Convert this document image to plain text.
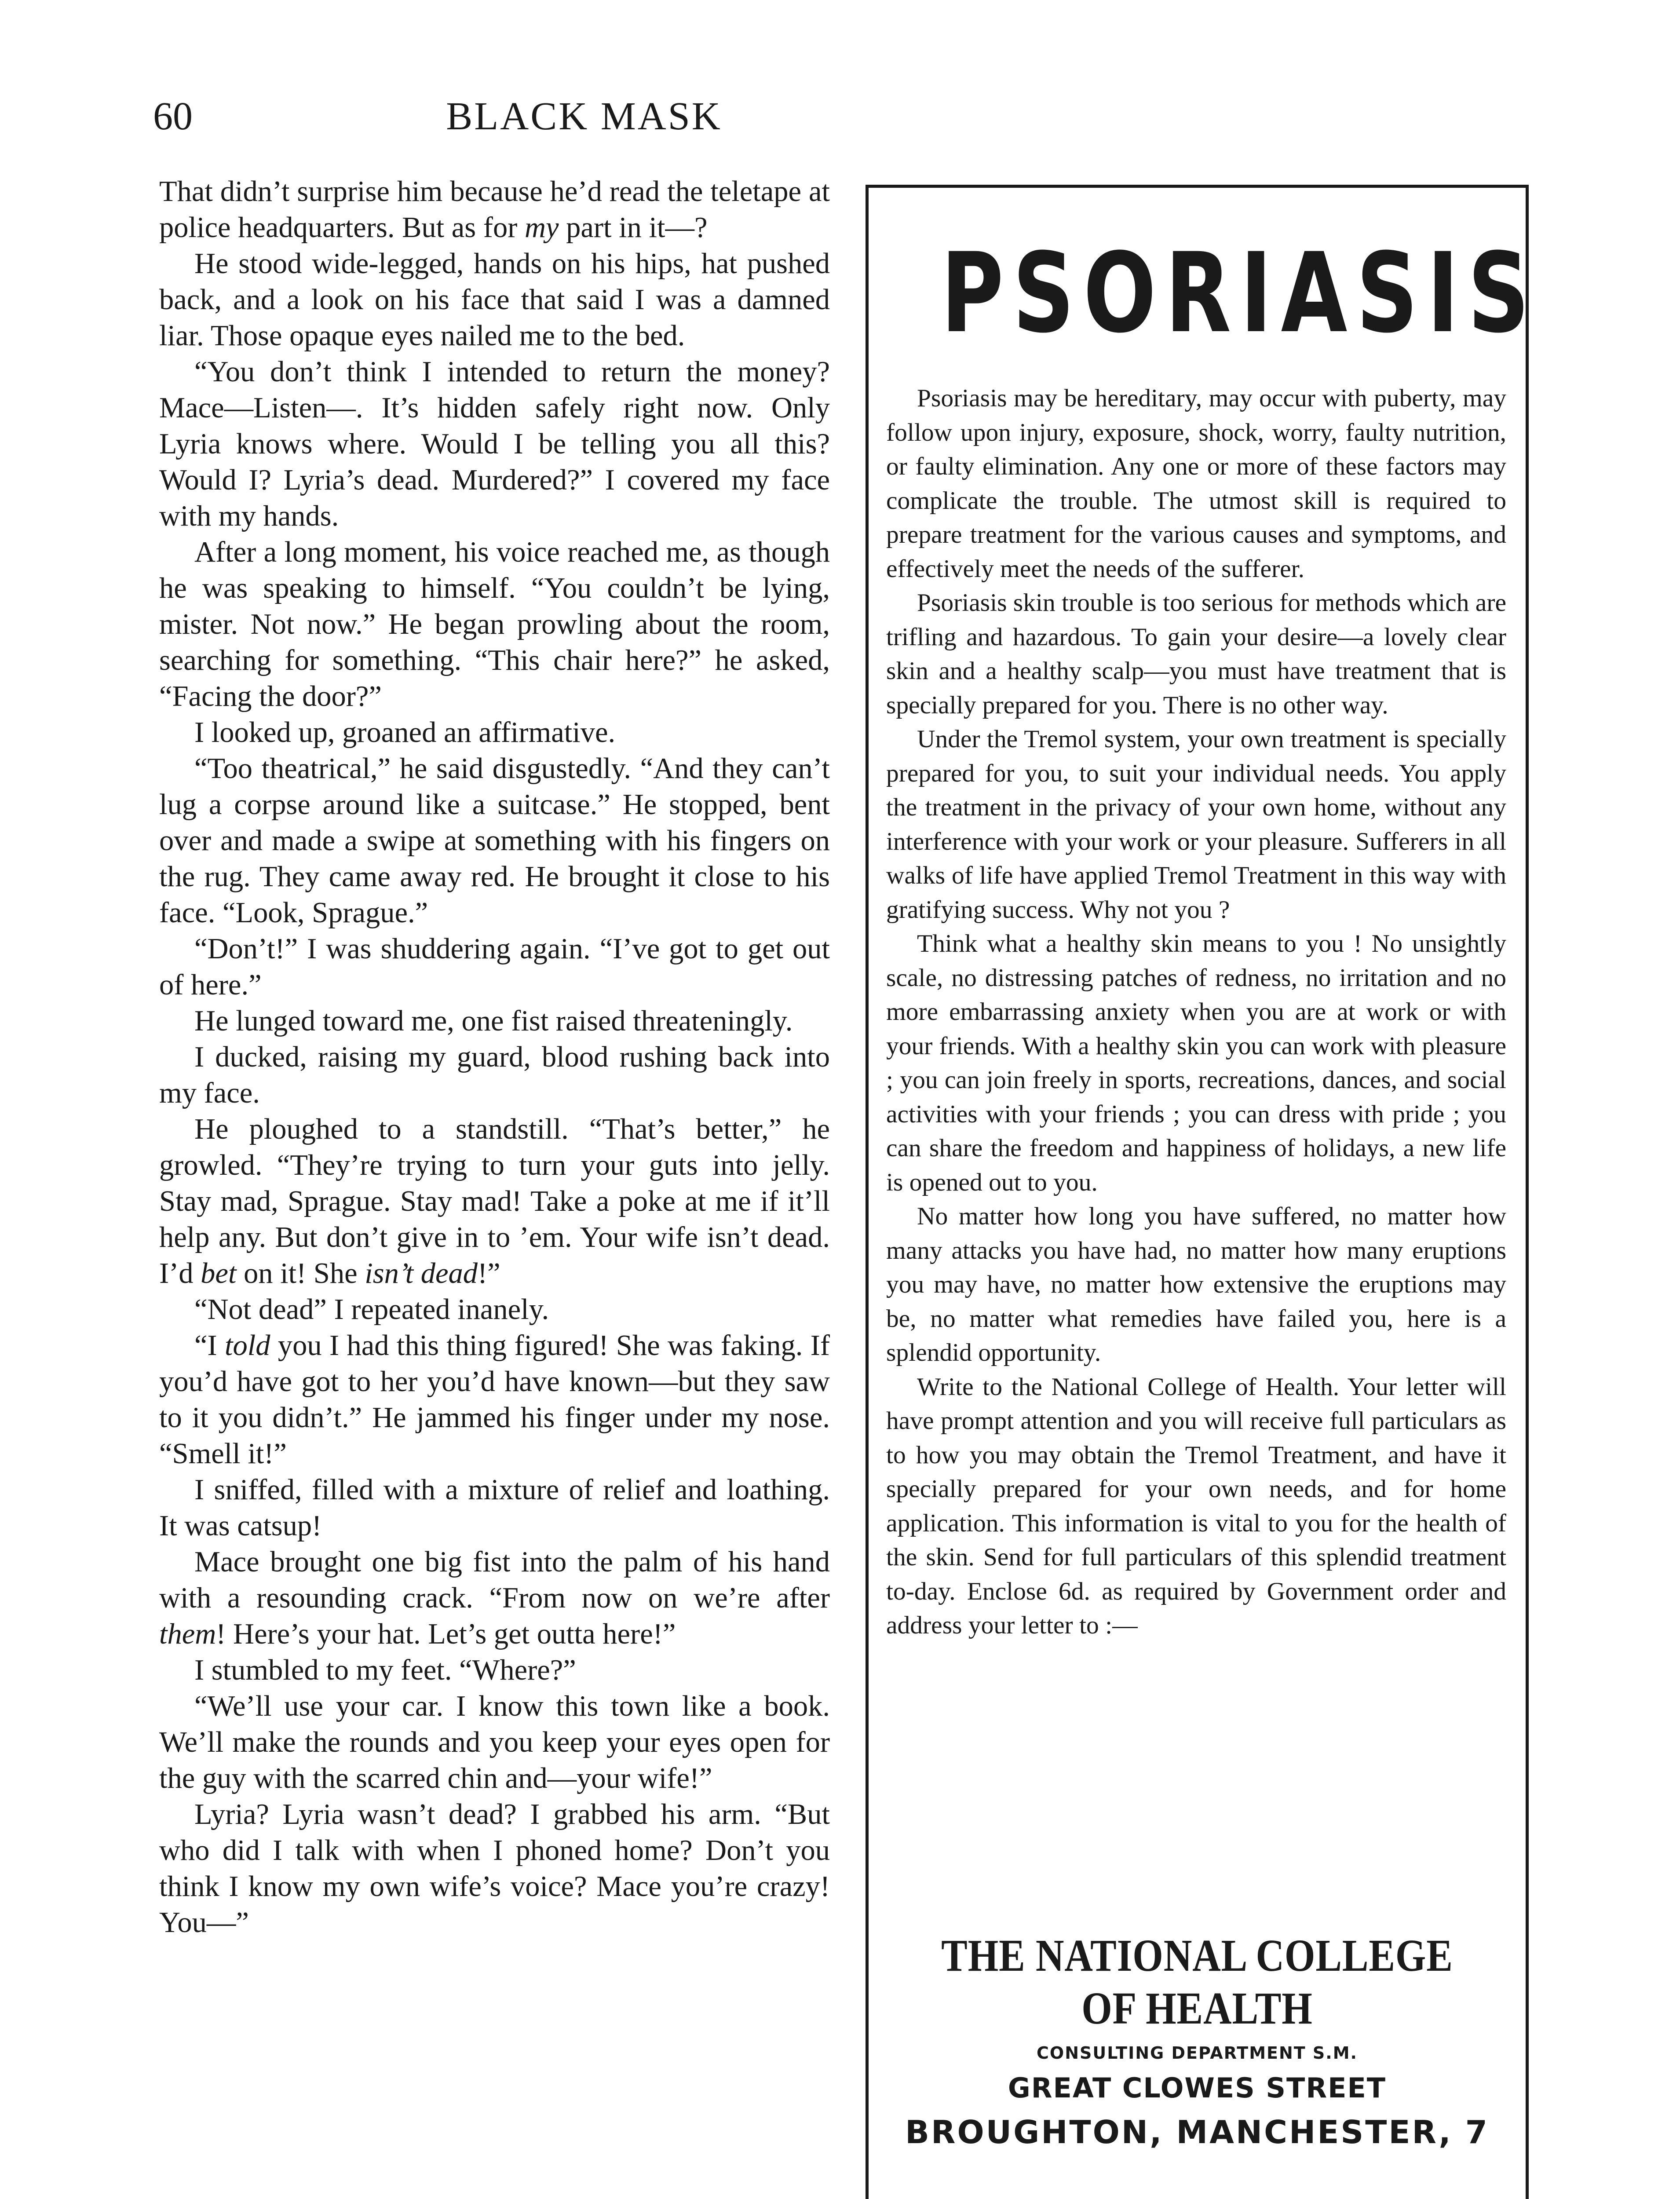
60	BLACK MASK

That didn’t surprise him because he’d read the teletape at police headquarters. But as for my part in it—?

He stood wide-legged, hands on his hips, hat pushed back, and a look on his face that said I was a damned liar. Those opaque eyes nailed me to the bed.

“You don’t think I intended to return the money? Mace—Listen—. It’s hidden safely right now. Only Lyria knows where. Would I be telling you all this? Would I? Lyria’s dead. Murdered?” I covered my face with my hands.

After a long moment, his voice reached me, as though he was speaking to himself. “You couldn’t be lying, mister. Not now.” He began prowling about the room, searching for something. “This chair here?” he asked, “Facing the door?”

I looked up, groaned an affirmative.

“Too theatrical,” he said disgustedly. “And they can’t lug a corpse around like a suitcase.” He stopped, bent over and made a swipe at something with his fingers on the rug. They came away red. He brought it close to his face. “Look, Sprague.”

“Don’t!” I was shuddering again. “I’ve got to get out of here.”

He lunged toward me, one fist raised threateningly.

I ducked, raising my guard, blood rushing back into my face.

He ploughed to a standstill. “That’s better,” he growled. “They’re trying to turn your guts into jelly. Stay mad, Sprague. Stay mad! Take a poke at me if it’ll help any. But don’t give in to ’em. Your wife isn’t dead. I’d bet on it! She isn’t dead!”

“Not dead” I repeated inanely.

“I told you I had this thing figured! She was faking. If you’d have got to her you’d have known—but they saw to it you didn’t.” He jammed his finger under my nose. “Smell it!”

I sniffed, filled with a mixture of relief and loathing. It was catsup!

Mace brought one big fist into the palm of his hand with a resounding crack. “From now on we’re after them! Here’s your hat. Let’s get outta here!”

I stumbled to my feet. “Where?”

“We’ll use your car. I know this town like a book. We’ll make the rounds and you keep your eyes open for the guy with the scarred chin and—your wife!”

Lyria? Lyria wasn’t dead? I grabbed his arm. “But who did I talk with when I phoned home? Don’t you think I know my own wife’s voice? Mace you’re crazy! You—”

PSORIASIS

Psoriasis may be hereditary, may occur with puberty, may follow upon injury, exposure, shock, worry, faulty nutrition, or faulty elimination. Any one or more of these factors may complicate the trouble. The utmost skill is required to prepare treatment for the various causes and symptoms, and effectively meet the needs of the sufferer.

Psoriasis skin trouble is too serious for methods which are trifling and hazardous. To gain your desire—a lovely clear skin and a healthy scalp—you must have treatment that is specially prepared for you. There is no other way.

Under the Tremol system, your own treatment is specially prepared for you, to suit your individual needs. You apply the treatment in the privacy of your own home, without any interference with your work or your pleasure. Sufferers in all walks of life have applied Tremol Treatment in this way with gratifying success. Why not you ?

Think what a healthy skin means to you ! No unsightly scale, no distressing patches of redness, no irritation and no more embarrassing anxiety when you are at work or with your friends. With a healthy skin you can work with pleasure ; you can join freely in sports, recreations, dances, and social activities with your friends ; you can dress with pride ; you can share the freedom and happiness of holidays, a new life is opened out to you.

No matter how long you have suffered, no matter how many attacks you have had, no matter how many eruptions you may have, no matter how extensive the eruptions may be, no matter what remedies have failed you, here is a splendid opportunity.

Write to the National College of Health. Your letter will have prompt attention and you will receive full particulars as to how you may obtain the Tremol Treatment, and have it specially prepared for your own needs, and for home application. This information is vital to you for the health of the skin. Send for full particulars of this splendid treatment to-day. Enclose 6d. as required by Government order and address your letter to :—

THE NATIONAL COLLEGE OF HEALTH
CONSULTING DEPARTMENT S.M.
GREAT CLOWES STREET
BROUGHTON, MANCHESTER, 7
